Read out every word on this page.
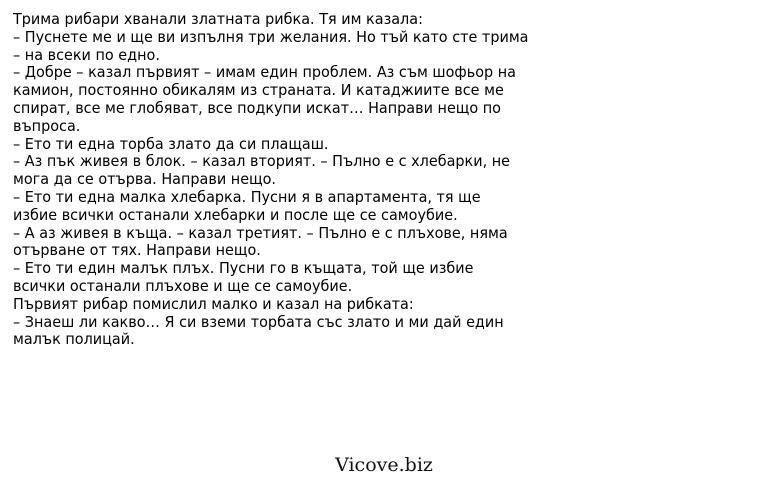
Трима рибари хванали златната рибка. Тя им казала:
– Пуснете ме и ще ви изпълня три желания. Но тъй като сте трима
– на всеки по едно.
– Добре – казал първият – имам един проблем. Аз съм шофьор на
камион, постоянно обикалям из страната. И катаджиите все ме
спират, все ме глобяват, все подкупи искат… Направи нещо по
въпроса.
– Ето ти една торба злато да си плащаш.
– Аз пък живея в блок. – казал вторият. – Пълно е с хлебарки, не
мога да се отърва. Направи нещо.
– Ето ти една малка хлебарка. Пусни я в апартамента, тя ще
избие всички останали хлебарки и после ще се самоубие.
– А аз живея в къща. – казал третият. – Пълно е с плъхове, няма
отърване от тях. Направи нещо.
– Ето ти един малък плъх. Пусни го в къщата, той ще избие
всички останали плъхове и ще се самоубие.
Първият рибар помислил малко и казал на рибката:
– Знаеш ли какво… Я си вземи торбата със злато и ми дай един
малък полицай.
Vicove.biz
